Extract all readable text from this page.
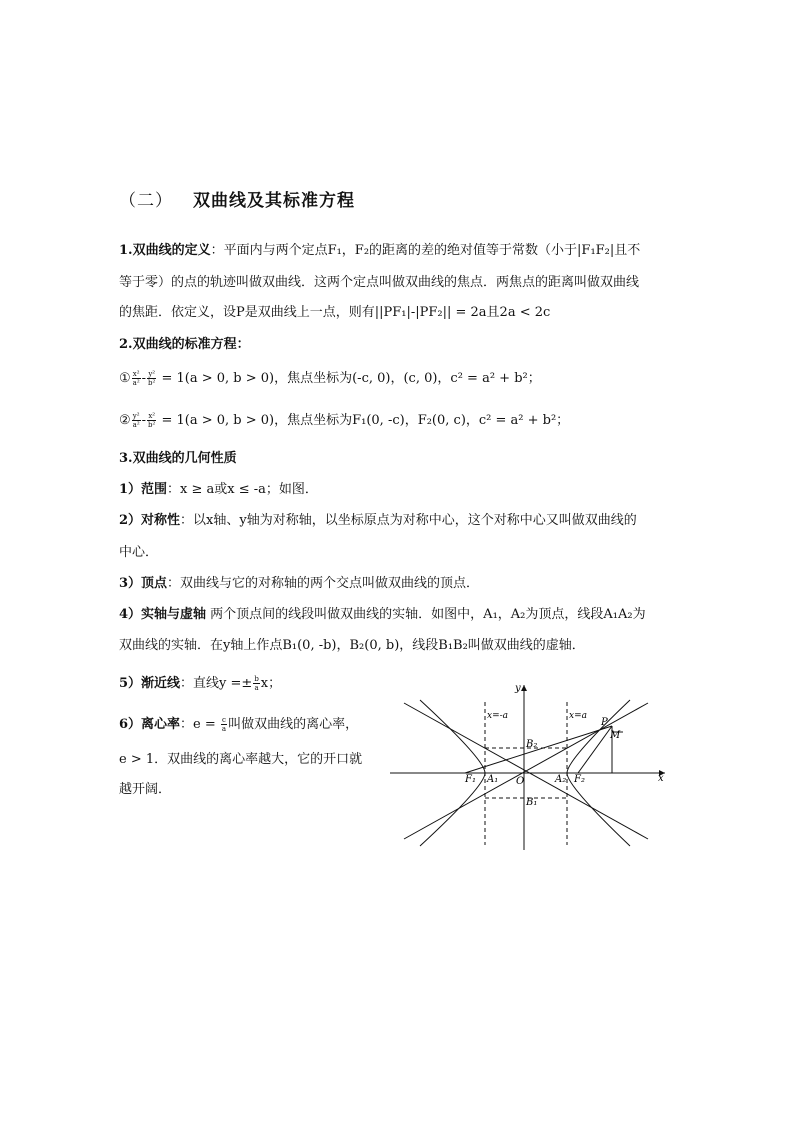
（二） 双曲线及其标准方程
1.双曲线的定义：平面内与两个定点F₁，F₂的距离的差的绝对值等于常数（小于|F₁F₂|且不
等于零）的点的轨迹叫做双曲线．这两个定点叫做双曲线的焦点．两焦点的距离叫做双曲线
的焦距．依定义，设P是双曲线上一点，则有||PF₁|-|PF₂|| = 2a且2a < 2c
2.双曲线的标准方程：
① $\frac{\text{x²}}{\text{a²}} - \frac{\text{y²}}{\text{b²}} = 1(a > 0$, b > 0)，焦点坐标为(-c, 0)，(c, 0)，c² = a² + b²；
② $\frac{\text{y²}}{\text{a²}} - \frac{\text{x²}}{\text{b²}} = 1(a > 0$, b > 0)，焦点坐标为F₁(0, -c)，F₂(0, c)，c² = a² + b²；
3.双曲线的几何性质
1）范围：x ≥ a或x ≤ -a；如图．
2）对称性：以x轴、y轴为对称轴，以坐标原点为对称中心，这个对称中心又叫做双曲线的
中心．
3）顶点：双曲线与它的对称轴的两个交点叫做双曲线的顶点．
4）实轴与虚轴 两个顶点间的线段叫做双曲线的实轴．如图中，A₁，A₂为顶点，线段A₁A₂为
双曲线的实轴．在y轴上作点B₁(0, -b)，B₂(0, b)，线段B₁B₂叫做双曲线的虚轴．
5）渐近线：直线$y =\pm \frac{b}{a}$ x；
6）离心率：$e = \frac{c}{a}$ 叫做双曲线的离心率，
e > 1．双曲线的离心率越大，它的开口就
越开阔．
y
x
x=-a	x=a
P
M
B₂
B₁
F₁ A₁ O	A₂ F₂
